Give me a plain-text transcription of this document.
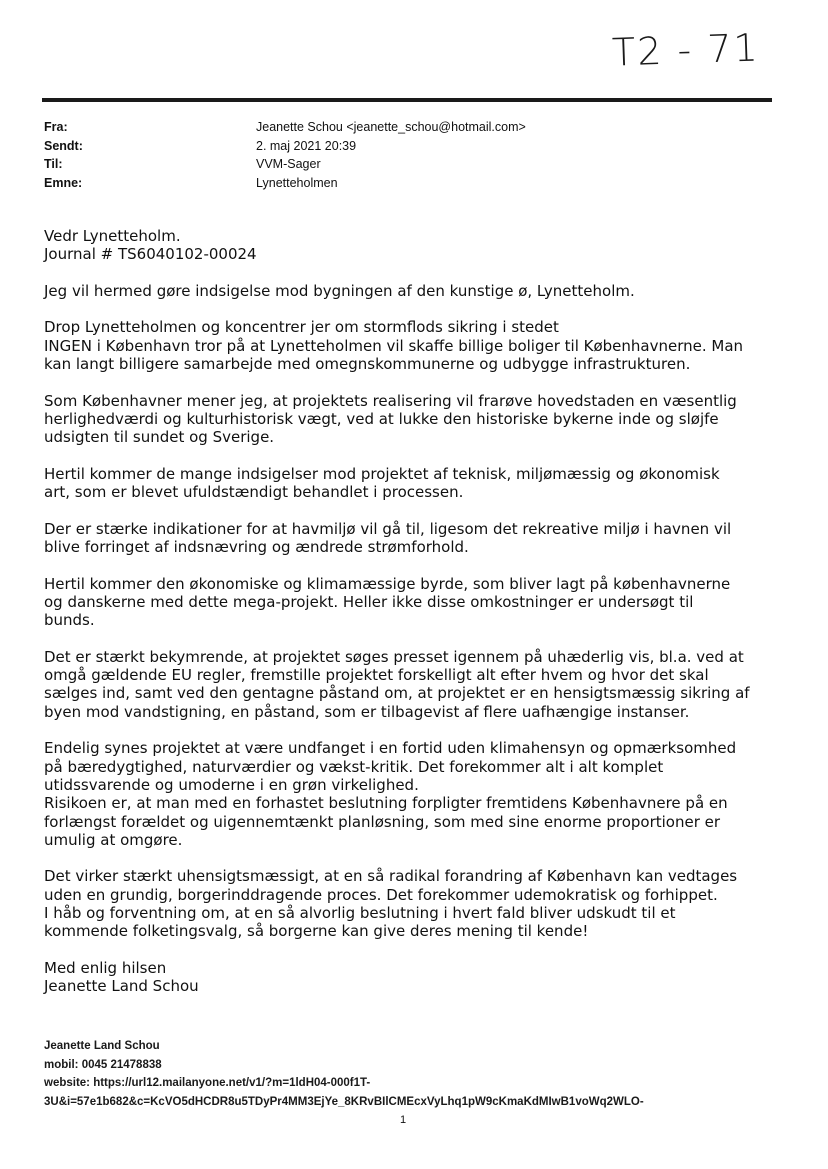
T2 - 71
Fra:	Jeanette Schou <jeanette_schou@hotmail.com>
Sendt:	2. maj 2021 20:39
Til:	VVM-Sager
Emne:	Lynetteholmen

Vedr Lynetteholm.
Journal # TS6040102-00024

Jeg vil hermed gøre indsigelse mod bygningen af den kunstige ø, Lynetteholm.

Drop Lynetteholmen og koncentrer jer om stormflods sikring i stedet
INGEN i København tror på at Lynetteholmen vil skaffe billige boliger til Københavnerne. Man
kan langt billigere samarbejde med omegnskommunerne og udbygge infrastrukturen.

Som Københavner mener jeg, at projektets realisering vil frarøve hovedstaden en væsentlig
herlighedværdi og kulturhistorisk vægt, ved at lukke den historiske bykerne inde og sløjfe
udsigten til sundet og Sverige.

Hertil kommer de mange indsigelser mod projektet af teknisk, miljømæssig og økonomisk
art, som er blevet ufuldstændigt behandlet i processen.

Der er stærke indikationer for at havmiljø vil gå til, ligesom det rekreative miljø i havnen vil
blive forringet af indsnævring og ændrede strømforhold.

Hertil kommer den økonomiske og klimamæssige byrde, som bliver lagt på københavnerne
og danskerne med dette mega-projekt. Heller ikke disse omkostninger er undersøgt til
bunds.

Det er stærkt bekymrende, at projektet søges presset igennem på uhæderlig vis, bl.a. ved at
omgå gældende EU regler, fremstille projektet forskelligt alt efter hvem og hvor det skal
sælges ind, samt ved den gentagne påstand om, at projektet er en hensigtsmæssig sikring af
byen mod vandstigning, en påstand, som er tilbagevist af flere uafhængige instanser.

Endelig synes projektet at være undfanget i en fortid uden klimahensyn og opmærksomhed
på bæredygtighed, naturværdier og vækst-kritik. Det forekommer alt i alt komplet
utidssvarende og umoderne i en grøn virkelighed.
Risikoen er, at man med en forhastet beslutning forpligter fremtidens Københavnere på en
forlængst forældet og uigennemtænkt planløsning, som med sine enorme proportioner er
umulig at omgøre.

Det virker stærkt uhensigtsmæssigt, at en så radikal forandring af København kan vedtages
uden en grundig, borgerinddragende proces. Det forekommer udemokratisk og forhippet.
I håb og forventning om, at en så alvorlig beslutning i hvert fald bliver udskudt til et
kommende folketingsvalg, så borgerne kan give deres mening til kende!

Med enlig hilsen
Jeanette Land Schou

Jeanette Land Schou
mobil: 0045 21478838
website: https://url12.mailanyone.net/v1/?m=1ldH04-000f1T-
3U&i=57e1b682&c=KcVO5dHCDR8u5TDyPr4MM3EjYe_8KRvBIlCMEcxVyLhq1pW9cKmaKdMIwB1voWq2WLO-
1
